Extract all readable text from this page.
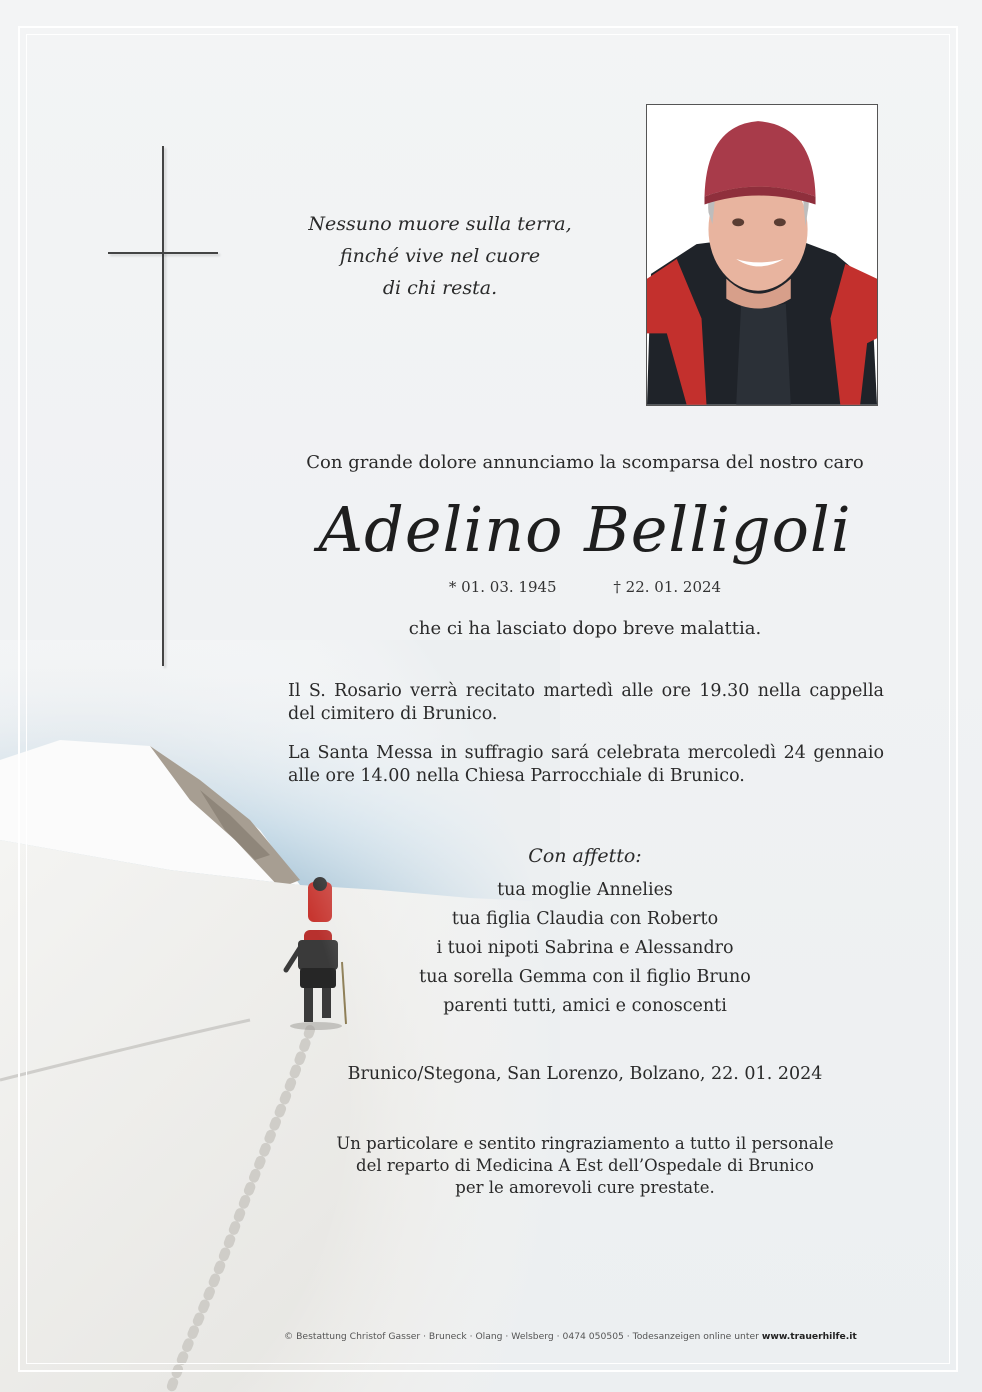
Nessuno muore sulla terra,
finché vive nel cuore
di chi resta.
Con grande dolore annunciamo la scomparsa del nostro caro
Adelino Belligoli
* 01. 03. 1945	† 22. 01. 2024
che ci ha lasciato dopo breve malattia.
Il S. Rosario verrà recitato martedì alle ore 19.30 nella cappella del cimitero di Brunico.
La Santa Messa in suffragio sará celebrata mercoledì 24 gennaio alle ore 14.00 nella Chiesa Parrocchiale di Brunico.
Con affetto:
tua moglie Annelies
tua figlia Claudia con Roberto
i tuoi nipoti Sabrina e Alessandro
tua sorella Gemma con il figlio Bruno
parenti tutti, amici e conoscenti
Brunico/Stegona, San Lorenzo, Bolzano, 22. 01. 2024
Un particolare e sentito ringraziamento a tutto il personale
del reparto di Medicina A Est dell’Ospedale di Brunico
per le amorevoli cure prestate.
© Bestattung Christof Gasser · Bruneck · Olang · Welsberg · 0474 050505 · Todesanzeigen online unter www.trauerhilfe.it
